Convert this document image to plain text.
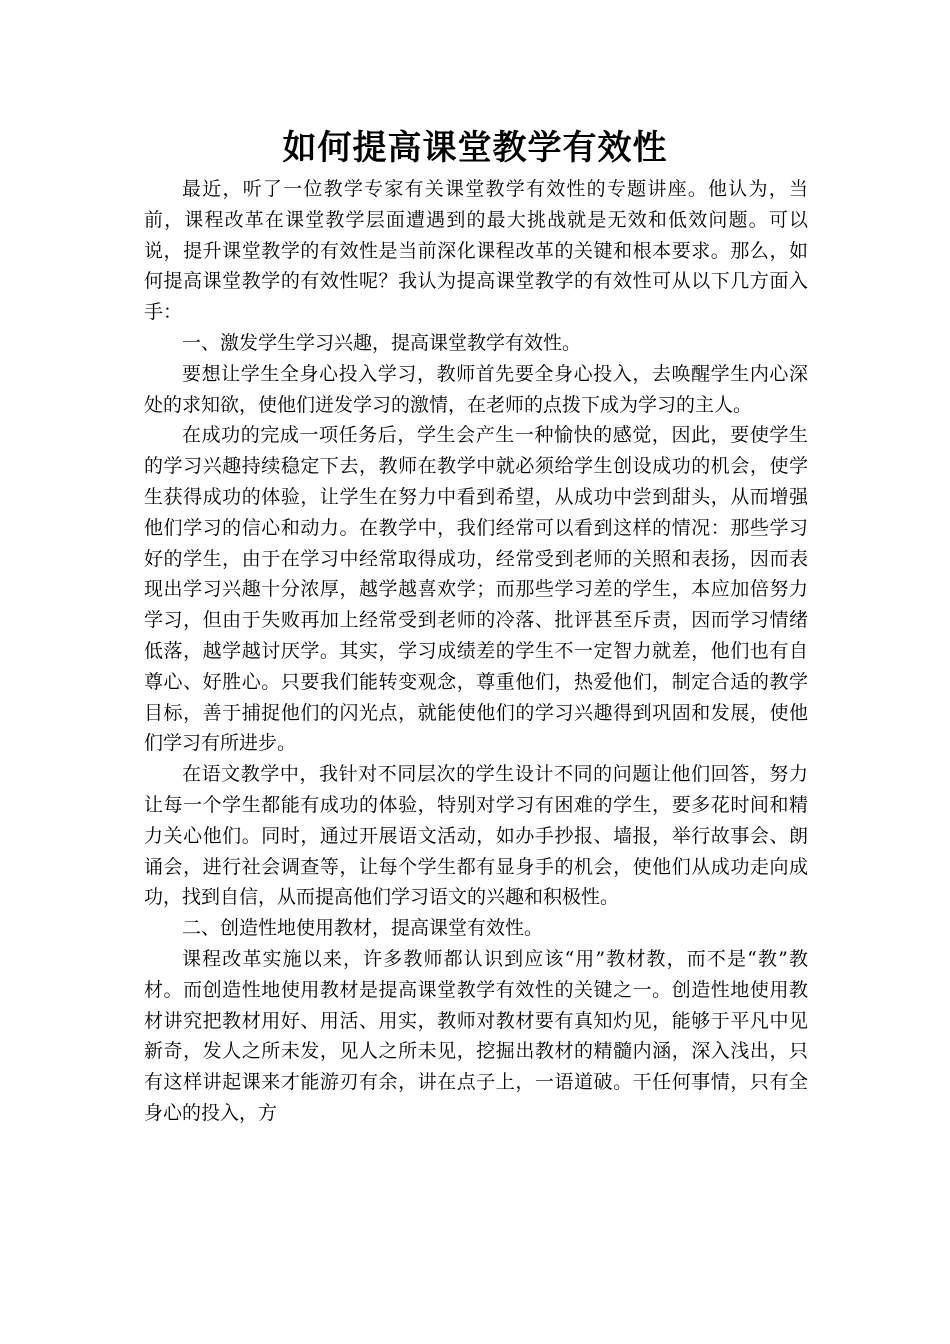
如何提高课堂教学有效性

最近，听了一位教学专家有关课堂教学有效性的专题讲座。他认为，当前，课程改革在课堂教学层面遭遇到的最大挑战就是无效和低效问题。可以说，提升课堂教学的有效性是当前深化课程改革的关键和根本要求。那么，如何提高课堂教学的有效性呢？我认为提高课堂教学的有效性可从以下几方面入手：

一、激发学生学习兴趣，提高课堂教学有效性。

要想让学生全身心投入学习，教师首先要全身心投入，去唤醒学生内心深处的求知欲，使他们迸发学习的激情，在老师的点拨下成为学习的主人。

在成功的完成一项任务后，学生会产生一种愉快的感觉，因此，要使学生的学习兴趣持续稳定下去，教师在教学中就必须给学生创设成功的机会，使学生获得成功的体验，让学生在努力中看到希望，从成功中尝到甜头，从而增强他们学习的信心和动力。在教学中，我们经常可以看到这样的情况：那些学习好的学生，由于在学习中经常取得成功，经常受到老师的关照和表扬，因而表现出学习兴趣十分浓厚，越学越喜欢学；而那些学习差的学生，本应加倍努力学习，但由于失败再加上经常受到老师的冷落、批评甚至斥责，因而学习情绪低落，越学越讨厌学。其实，学习成绩差的学生不一定智力就差，他们也有自尊心、好胜心。只要我们能转变观念，尊重他们，热爱他们，制定合适的教学目标，善于捕捉他们的闪光点，就能使他们的学习兴趣得到巩固和发展，使他们学习有所进步。

在语文教学中，我针对不同层次的学生设计不同的问题让他们回答，努力让每一个学生都能有成功的体验，特别对学习有困难的学生，要多花时间和精力关心他们。同时，通过开展语文活动，如办手抄报、墙报，举行故事会、朗诵会，进行社会调查等，让每个学生都有显身手的机会，使他们从成功走向成功，找到自信，从而提高他们学习语文的兴趣和积极性。

二、创造性地使用教材，提高课堂有效性。

课程改革实施以来，许多教师都认识到应该“用”教材教，而不是“教”教材。而创造性地使用教材是提高课堂教学有效性的关键之一。创造性地使用教材讲究把教材用好、用活、用实，教师对教材要有真知灼见，能够于平凡中见新奇，发人之所未发，见人之所未见，挖掘出教材的精髓内涵，深入浅出，只有这样讲起课来才能游刃有余，讲在点子上，一语道破。干任何事情，只有全身心的投入，方
